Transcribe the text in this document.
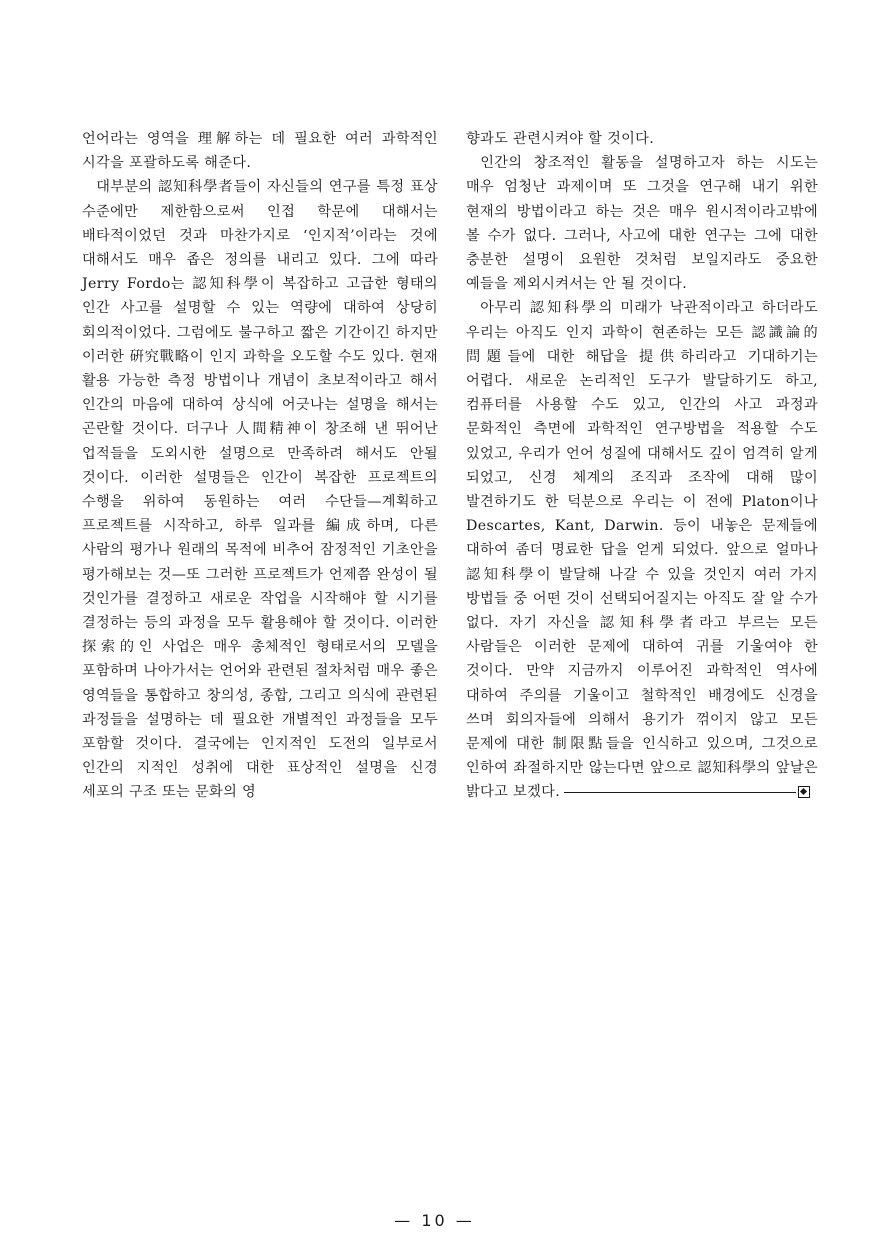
언어라는 영역을 理解하는 데 필요한 여러 과학적인 시각을 포괄하도록 해준다.

대부분의 認知科學者들이 자신들의 연구를 특정 표상 수준에만 제한함으로써 인접 학문에 대해서는 배타적이었던 것과 마찬가지로 ‘인지적’이라는 것에 대해서도 매우 좁은 정의를 내리고 있다. 그에 따라 Jerry Fordo는 認知科學이 복잡하고 고급한 형태의 인간 사고를 설명할 수 있는 역량에 대하여 상당히 회의적이었다. 그럼에도 불구하고 짧은 기간이긴 하지만 이러한 硏究戰略이 인지 과학을 오도할 수도 있다. 현재 활용 가능한 측정 방법이나 개념이 초보적이라고 해서 인간의 마음에 대하여 상식에 어긋나는 설명을 해서는 곤란할 것이다. 더구나 人間精神이 창조해 낸 뛰어난 업적들을 도외시한 설명으로 만족하려 해서도 안될 것이다. 이러한 설명들은 인간이 복잡한 프로젝트의 수행을 위하여 동원하는 여러 수단들—계획하고 프로젝트를 시작하고, 하루 일과를 編成하며, 다른 사람의 평가나 원래의 목적에 비추어 잠정적인 기초안을 평가해보는 것—또 그러한 프로젝트가 언제쯤 완성이 될 것인가를 결정하고 새로운 작업을 시작해야 할 시기를 결정하는 등의 과정을 모두 활용해야 할 것이다. 이러한 探索的인 사업은 매우 총체적인 형태로서의 모델을 포함하며 나아가서는 언어와 관련된 절차처럼 매우 좋은 영역들을 통합하고 창의성, 종합, 그리고 의식에 관련된 과정들을 설명하는 데 필요한 개별적인 과정들을 모두 포함할 것이다. 결국에는 인지적인 도전의 일부로서 인간의 지적인 성취에 대한 표상적인 설명을 신경 세포의 구조 또는 문화의 영

향과도 관련시켜야 할 것이다.

인간의 창조적인 활동을 설명하고자 하는 시도는 매우 엄청난 과제이며 또 그것을 연구해 내기 위한 현재의 방법이라고 하는 것은 매우 원시적이라고밖에 볼 수가 없다. 그러나, 사고에 대한 연구는 그에 대한 충분한 설명이 요원한 것처럼 보일지라도 중요한 예들을 제외시켜서는 안 될 것이다.

아무리 認知科學의 미래가 낙관적이라고 하더라도 우리는 아직도 인지 과학이 현존하는 모든 認識論的 問題들에 대한 해답을 提供하리라고 기대하기는 어렵다. 새로운 논리적인 도구가 발달하기도 하고, 컴퓨터를 사용할 수도 있고, 인간의 사고 과정과 문화적인 측면에 과학적인 연구방법을 적용할 수도 있었고, 우리가 언어 성질에 대해서도 깊이 엄격히 알게 되었고, 신경 체계의 조직과 조작에 대해 많이 발견하기도 한 덕분으로 우리는 이 전에 Platon이나 Descartes, Kant, Darwin. 등이 내놓은 문제들에 대하여 좀더 명료한 답을 얻게 되었다. 앞으로 얼마나 認知科學이 발달해 나갈 수 있을 것인지 여러 가지 방법들 중 어떤 것이 선택되어질지는 아직도 잘 알 수가 없다. 자기 자신을 認知科學者라고 부르는 모든 사람들은 이러한 문제에 대하여 귀를 기울여야 한 것이다. 만약 지금까지 이루어진 과학적인 역사에 대하여 주의를 기울이고 철학적인 배경에도 신경을 쓰며 회의자들에 의해서 용기가 꺾이지 않고 모든 문제에 대한 制限點들을 인식하고 있으며, 그것으로 인하여 좌절하지만 않는다면 앞으로 認知科學의 앞날은 밝다고 보겠다.

— 10 —
